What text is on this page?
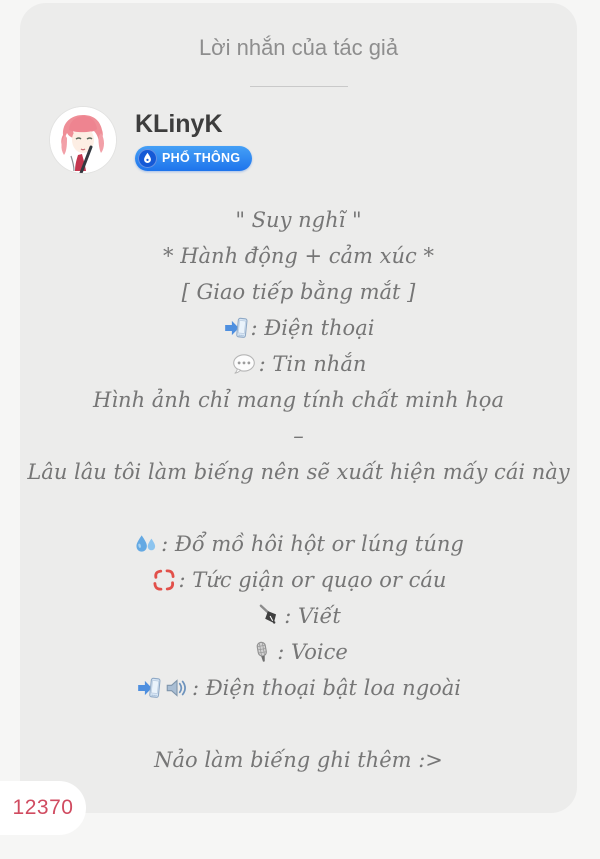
Lời nhắn của tác giả
KLinyK
PHỔ THÔNG
" Suy nghĩ "
* Hành động + cảm xúc *
[ Giao tiếp bằng mắt ]
: Điện thoại
: Tin nhắn
Hình ảnh chỉ mang tính chất minh họa
–
Lâu lâu tôi làm biếng nên sẽ xuất hiện mấy cái này
: Đổ mồ hôi hột or lúng túng
: Tức giận or quạo or cáu
: Viết
: Voice
: Điện thoại bật loa ngoài
Nảo làm biếng ghi thêm :>
12370
